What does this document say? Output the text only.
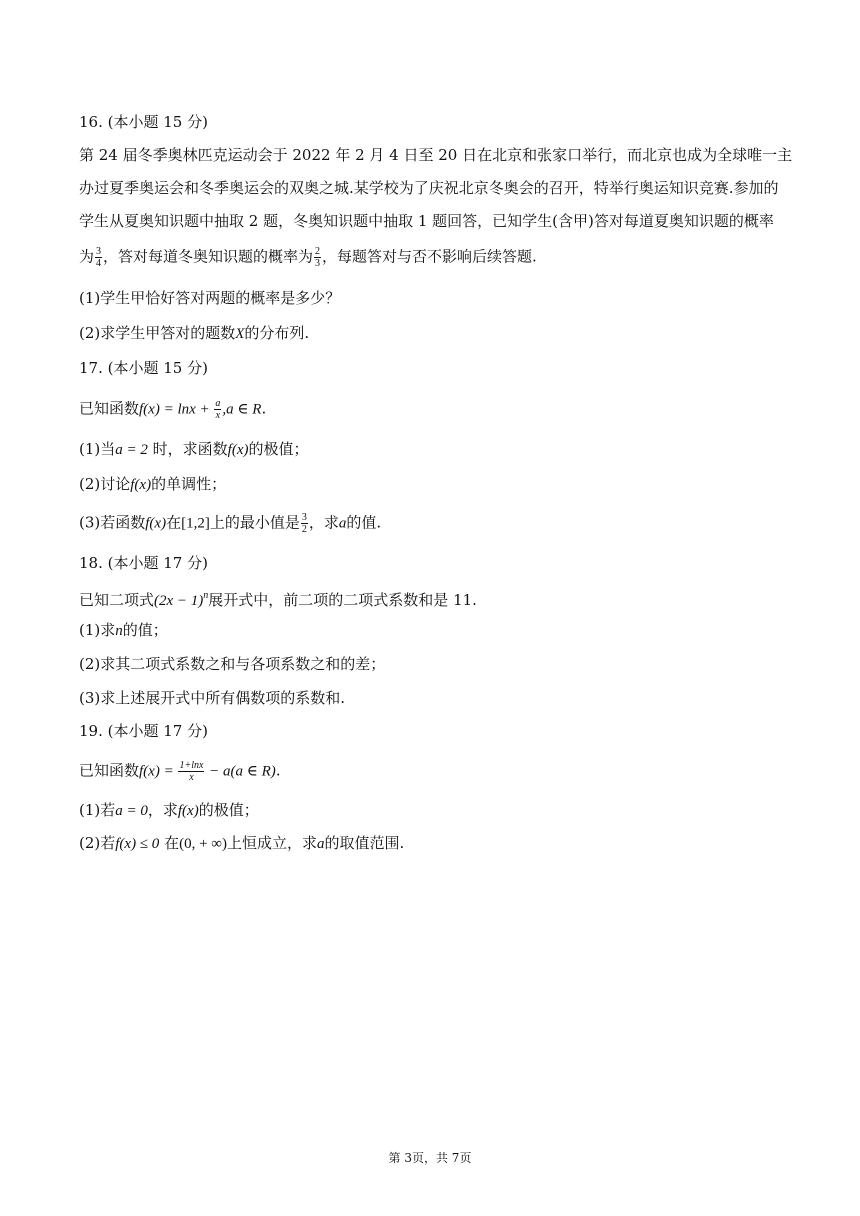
16. (本小题 15 分)
第 24 届冬季奥林匹克运动会于 2022 年 2 月 4 日至 20 日在北京和张家口举行，而北京也成为全球唯一主
办过夏季奥运会和冬季奥运会的双奥之城.某学校为了庆祝北京冬奥会的召开，特举行奥运知识竞赛.参加的
学生从夏奥知识题中抽取 2 题，冬奥知识题中抽取 1 题回答，已知学生(含甲)答对每道夏奥知识题的概率
为 $\frac{3}{4}$ ，答对每道冬奥知识题的概率为 $\frac{2}{3}$ ，每题答对与否不影响后续答题.
(1)学生甲恰好答对两题的概率是多少？
(2)求学生甲答对的题数X的分布列.
17. (本小题 15 分)
已知函数$f(x) = \ln x + \frac{a}{x} ,a$ ∈ R.
(1)当a = 2 时，求函数f(x)的极值；
(2)讨论f(x)的单调性；
(3)若函数f(x)在[1,2]上的最小值是 $\frac{3}{2}$ ，求a的值.
18. (本小题 17 分)
已知二项式$(2x - 1)^n$展开式中，前二项的二项式系数和是 11.
(1)求n的值；
(2)求其二项式系数之和与各项系数之和的差；
(3)求上述展开式中所有偶数项的系数和.
19. (本小题 17 分)
已知函数$f(x) = \frac{1+\ln x}{x} - a(a$ ∈ R).
(1)若a = 0，求f(x)的极值；
(2)若f(x) ≤ 0 在(0, + ∞)上恒成立，求a的取值范围.
第 3页，共 7页
